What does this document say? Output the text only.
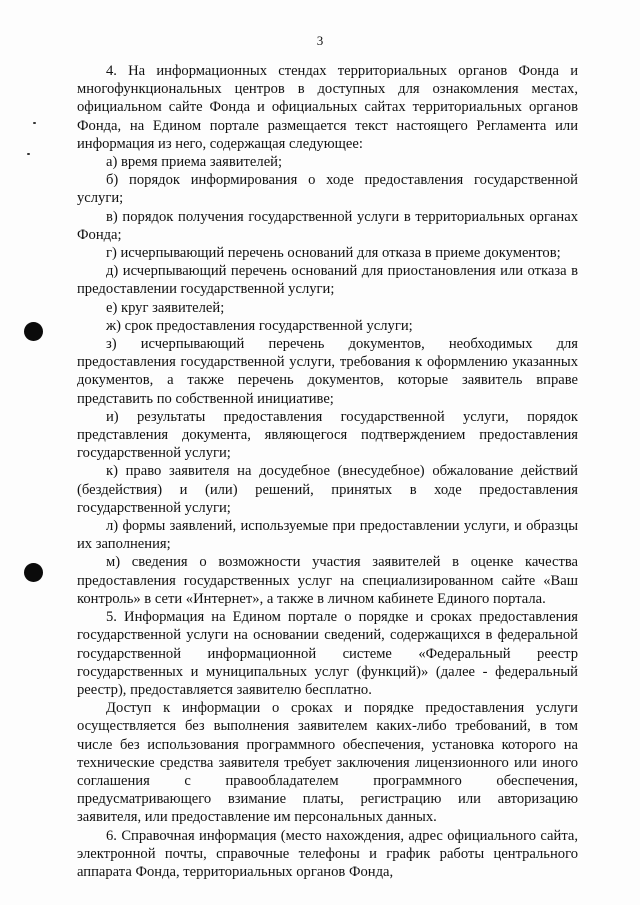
3

4. На информационных стендах территориальных органов Фонда и многофункциональных центров в доступных для ознакомления местах, официальном сайте Фонда и официальных сайтах территориальных органов Фонда, на Едином портале размещается текст настоящего Регламента или информация из него, содержащая следующее:

а) время приема заявителей;

б) порядок информирования о ходе предоставления государственной услуги;

в) порядок получения государственной услуги в территориальных органах Фонда;

г) исчерпывающий перечень оснований для отказа в приеме документов;

д) исчерпывающий перечень оснований для приостановления или отказа в предоставлении государственной услуги;

е) круг заявителей;

ж) срок предоставления государственной услуги;

з) исчерпывающий перечень документов, необходимых для предоставления государственной услуги, требования к оформлению указанных документов, а также перечень документов, которые заявитель вправе представить по собственной инициативе;

и) результаты предоставления государственной услуги, порядок представления документа, являющегося подтверждением предоставления государственной услуги;

к) право заявителя на досудебное (внесудебное) обжалование действий (бездействия) и (или) решений, принятых в ходе предоставления государственной услуги;

л) формы заявлений, используемые при предоставлении услуги, и образцы их заполнения;

м) сведения о возможности участия заявителей в оценке качества предоставления государственных услуг на специализированном сайте «Ваш контроль» в сети «Интернет», а также в личном кабинете Единого портала.

5. Информация на Едином портале о порядке и сроках предоставления государственной услуги на основании сведений, содержащихся в федеральной государственной информационной системе «Федеральный реестр государственных и муниципальных услуг (функций)» (далее - федеральный реестр), предоставляется заявителю бесплатно.

Доступ к информации о сроках и порядке предоставления услуги осуществляется без выполнения заявителем каких-либо требований, в том числе без использования программного обеспечения, установка которого на технические средства заявителя требует заключения лицензионного или иного соглашения с правообладателем программного обеспечения, предусматривающего взимание платы, регистрацию или авторизацию заявителя, или предоставление им персональных данных.

6. Справочная информация (место нахождения, адрес официального сайта, электронной почты, справочные телефоны и график работы центрального аппарата Фонда, территориальных органов Фонда,
